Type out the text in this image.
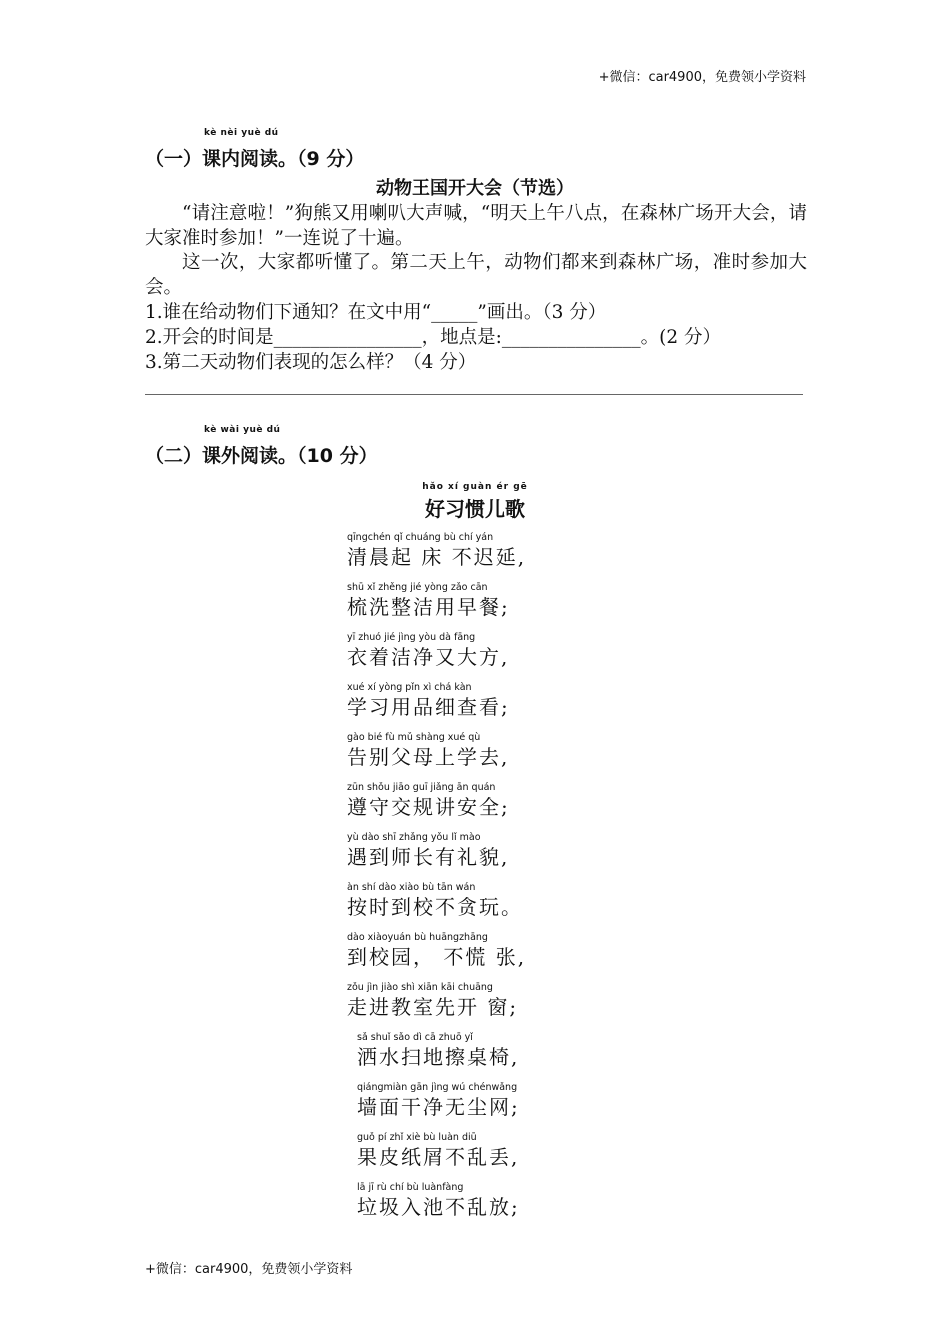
+微信：car4900，免费领小学资料
（一）
kè nèi yuè dú
课内阅读。（9 分）
动物王国开大会（节选）
“请注意啦！”狗熊又用喇叭大声喊，“明天上午八点，在森林广场开大会，请大家准时参加！”一连说了十遍。
这一次，大家都听懂了。第二天上午，动物们都来到森林广场，准时参加大会。
1.谁在给动物们下通知？在文中用“_____”画出。（3 分）
2.开会的时间是________________，地点是:_______________。(2 分）
3.第二天动物们表现的怎么样？（4 分）
（二）
kè wài yuè dú
课外阅读。（10 分）
hǎo xí guàn ér gē
好习惯儿歌
qīngchén qǐ chuáng bù chí yán
清晨起 床 不迟延,
shū xǐ zhěng jié yòng zǎo cān
梳洗整洁用早餐;
yī zhuó jié jìng yòu dà fāng
衣着洁净又大方,
xué xí yòng pǐn xì chá kàn
学习用品细查看;
gào bié fù mǔ shàng xué qù
告别父母上学去,
zūn shǒu jiāo guī jiǎng ān quán
遵守交规讲安全;
yù dào shī zhǎng yǒu lǐ mào
遇到师长有礼貌,
àn shí dào xiào bù tān wán
按时到校不贪玩。
dào xiàoyuán bù huāngzhāng
到校园， 不慌 张,
zǒu jìn jiào shì xiān kāi chuāng
走进教室先开 窗;
sǎ shuǐ sǎo dì cā zhuō yǐ
洒水扫地擦桌椅,
qiángmiàn gān jìng wú chénwǎng
墙面干净无尘网;
guǒ pí zhǐ xiè bù luàn diū
果皮纸屑不乱丢,
lā jī rù chí bù luànfàng
垃圾入池不乱放;
+微信：car4900，免费领小学资料
